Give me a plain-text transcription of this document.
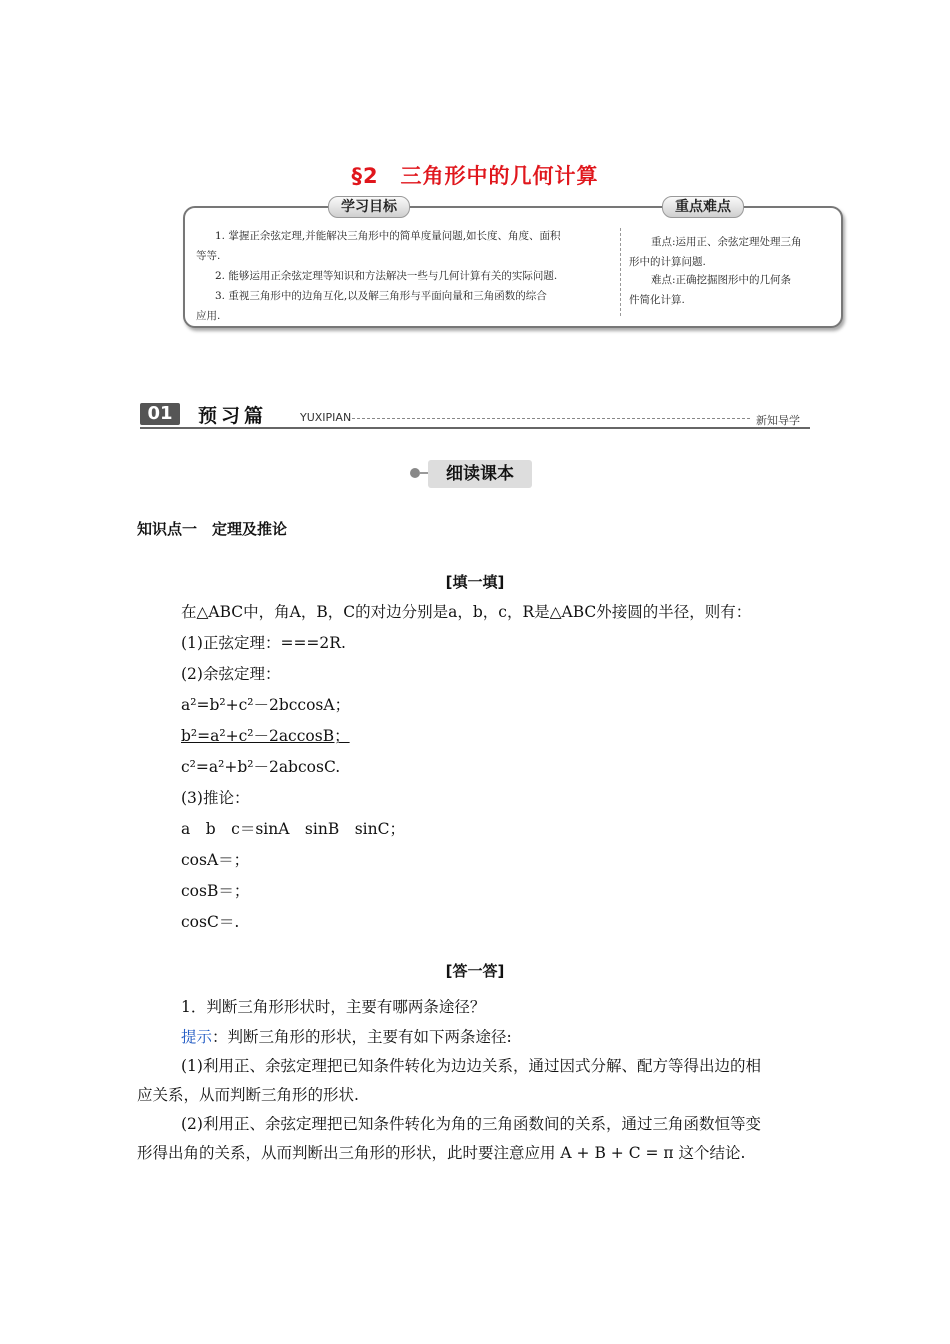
§2　三角形中的几何计算
学习目标	重点难点
1. 掌握正余弦定理,并能解决三角形中的简单度量问题,如长度、角度、面积
等等.
2. 能够运用正余弦定理等知识和方法解决一些与几何计算有关的实际问题.
3. 重视三角形中的边角互化,以及解三角形与平面向量和三角函数的综合
应用.
重点:运用正、余弦定理处理三角
形中的计算问题.
难点:正确挖掘图形中的几何条
件简化计算.
01	预习篇	YUXIPIAN	新知导学
细读课本
知识点一　定理及推论
[填一填]
在△ABC中，角A，B，C的对边分别是a，b，c，R是△ABC外接圆的半径，则有：
(1)正弦定理：===2R.
(2)余弦定理：
a²=b²+c²－2bccosA；
b²=a²+c²－2accosB；
c²=a²+b²－2abcosC.
(3)推论：
a　b　c＝sinA　sinB　sinC；
cosA＝；
cosB＝；
cosC＝.
[答一答]
1．判断三角形形状时，主要有哪两条途径？
提示：判断三角形的形状，主要有如下两条途径:
(1)利用正、余弦定理把已知条件转化为边边关系，通过因式分解、配方等得出边的相
应关系，从而判断三角形的形状.
(2)利用正、余弦定理把已知条件转化为角的三角函数间的关系，通过三角函数恒等变
形得出角的关系，从而判断出三角形的形状，此时要注意应用 A + B + C = π 这个结论.
